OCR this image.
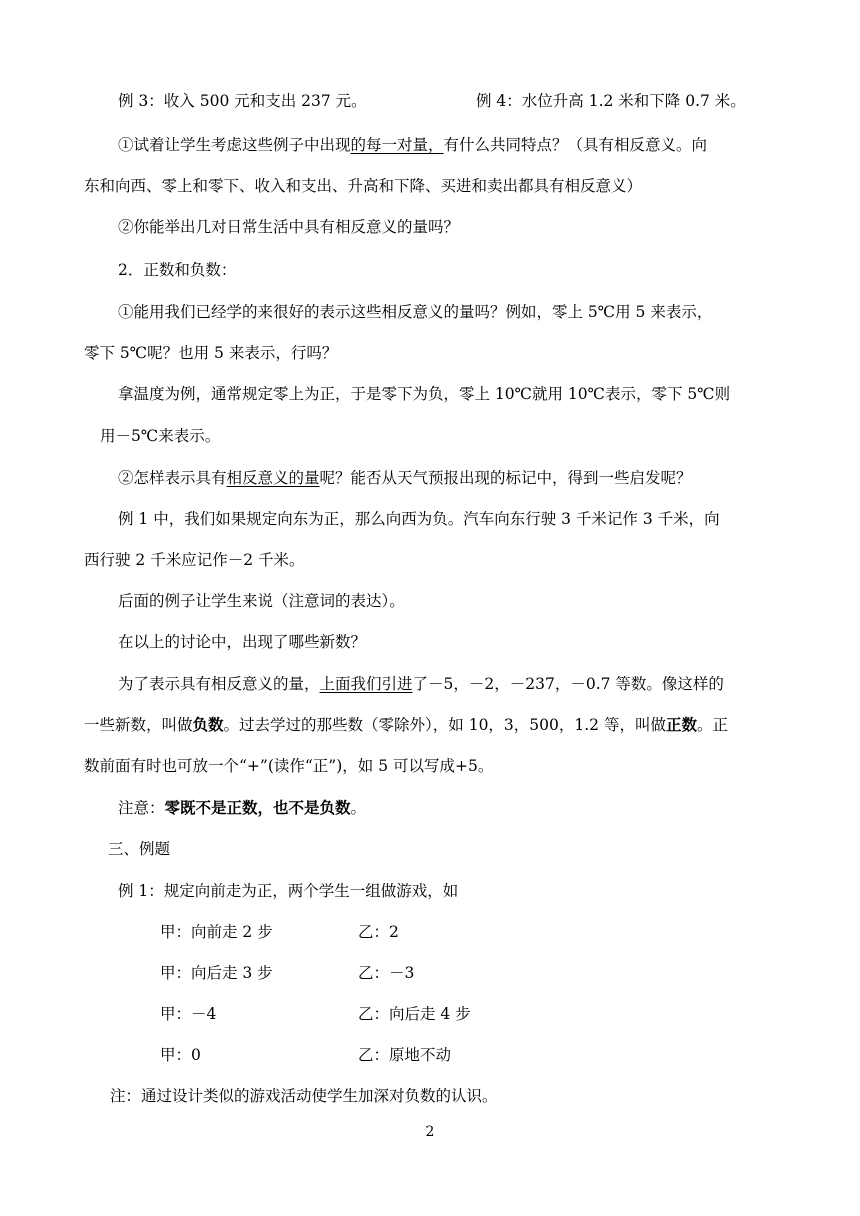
例 3：收入 500 元和支出 237 元。	例 4：水位升高 1.2 米和下降 0.7 米。
①试着让学生考虑这些例子中出现的每一对量，有什么共同特点？（具有相反意义。向
东和向西、零上和零下、收入和支出、升高和下降、买进和卖出都具有相反意义）
②你能举出几对日常生活中具有相反意义的量吗？
2．正数和负数：
①能用我们已经学的来很好的表示这些相反意义的量吗？例如，零上 5℃用 5 来表示，
零下 5℃呢？也用 5 来表示，行吗？
拿温度为例，通常规定零上为正，于是零下为负，零上 10℃就用 10℃表示，零下 5℃则
用－5℃来表示。
②怎样表示具有相反意义的量呢？能否从天气预报出现的标记中，得到一些启发呢？
例 1 中，我们如果规定向东为正，那么向西为负。汽车向东行驶 3 千米记作 3 千米，向
西行驶 2 千米应记作－2 千米。
后面的例子让学生来说（注意词的表达）。
在以上的讨论中，出现了哪些新数？
为了表示具有相反意义的量，上面我们引进了－5，－2，－237，－0.7 等数。像这样的
一些新数，叫做负数。过去学过的那些数（零除外），如 10，3，500，1.2 等，叫做正数。正
数前面有时也可放一个“+”(读作“正”)，如 5 可以写成+5。
注意：零既不是正数，也不是负数。
三、例题
例 1：规定向前走为正，两个学生一组做游戏，如
甲：向前走 2 步	乙：2
甲：向后走 3 步	乙：－3
甲：－4	乙：向后走 4 步
甲：0	乙：原地不动
注：通过设计类似的游戏活动使学生加深对负数的认识。
2
